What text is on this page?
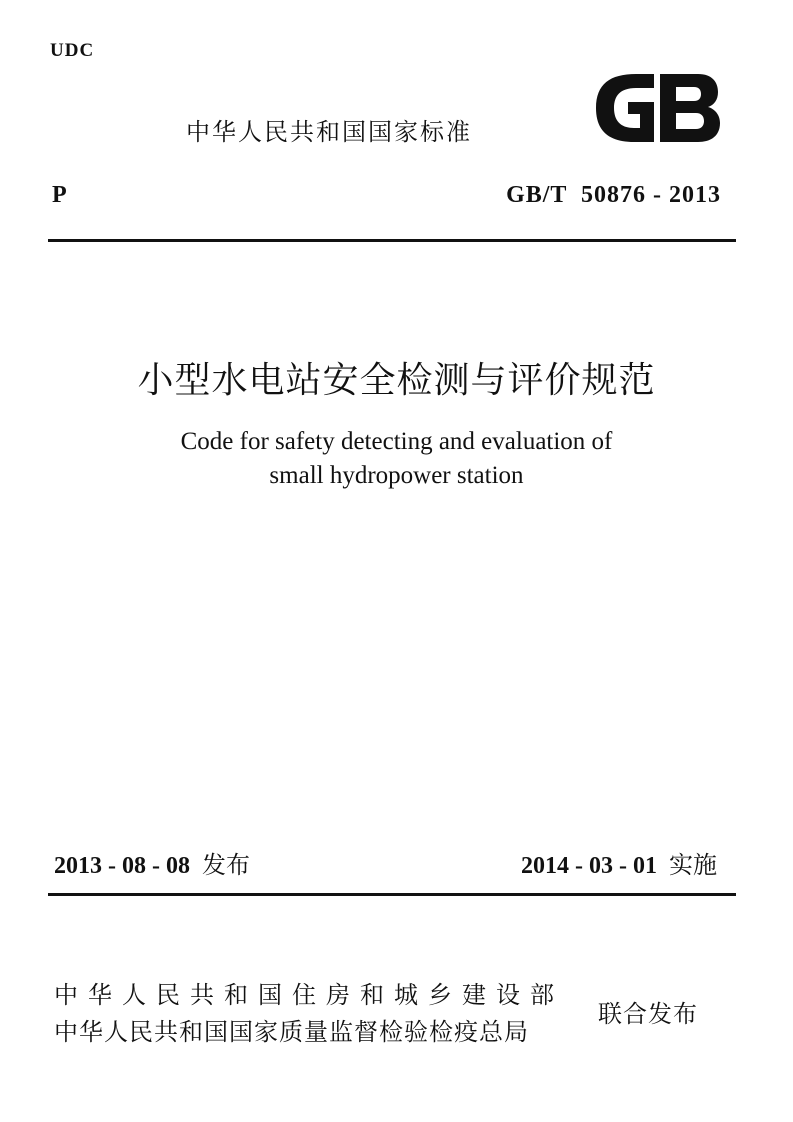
UDC
中华人民共和国国家标准
P	GB/T  50876 - 2013
小型水电站安全检测与评价规范
Code for safety detecting and evaluation of
small hydropower station
2013 - 08 - 08 发布	2014 - 03 - 01 实施
中华人民共和国住房和城乡建设部
中华人民共和国国家质量监督检验检疫总局
联合发布
